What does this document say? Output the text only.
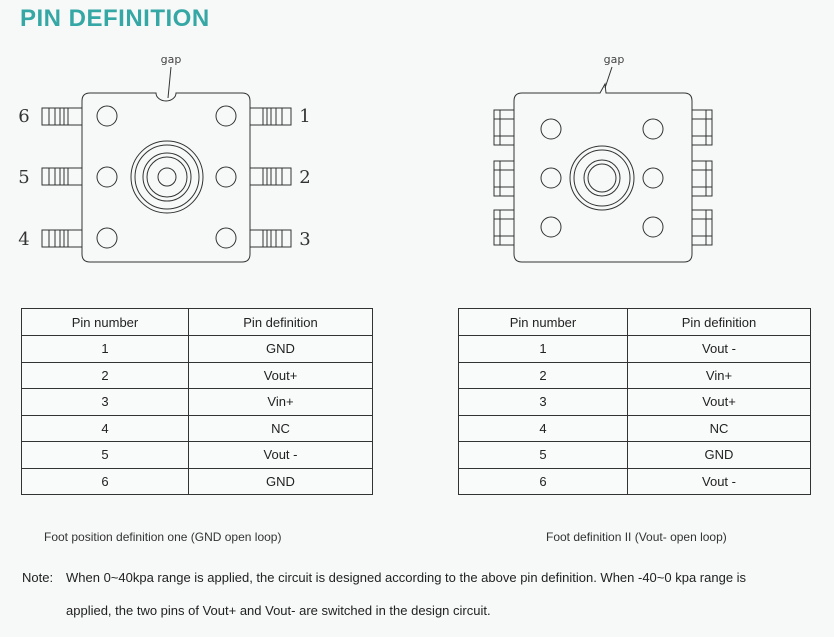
PIN DEFINITION
gap
6
5
4
1
2
3
gap
Pin number	Pin definition
1	GND
2	Vout+
3	Vin+
4	NC
5	Vout -
6	GND
Pin number	Pin definition
1	Vout -
2	Vin+
3	Vout+
4	NC
5	GND
6	Vout -
Foot position definition one (GND open loop)	Foot definition II (Vout- open loop)
Note: When 0~40kpa range is applied, the circuit is designed according to the above pin definition. When -40~0 kpa range is
applied, the two pins of Vout+ and Vout- are switched in the design circuit.
